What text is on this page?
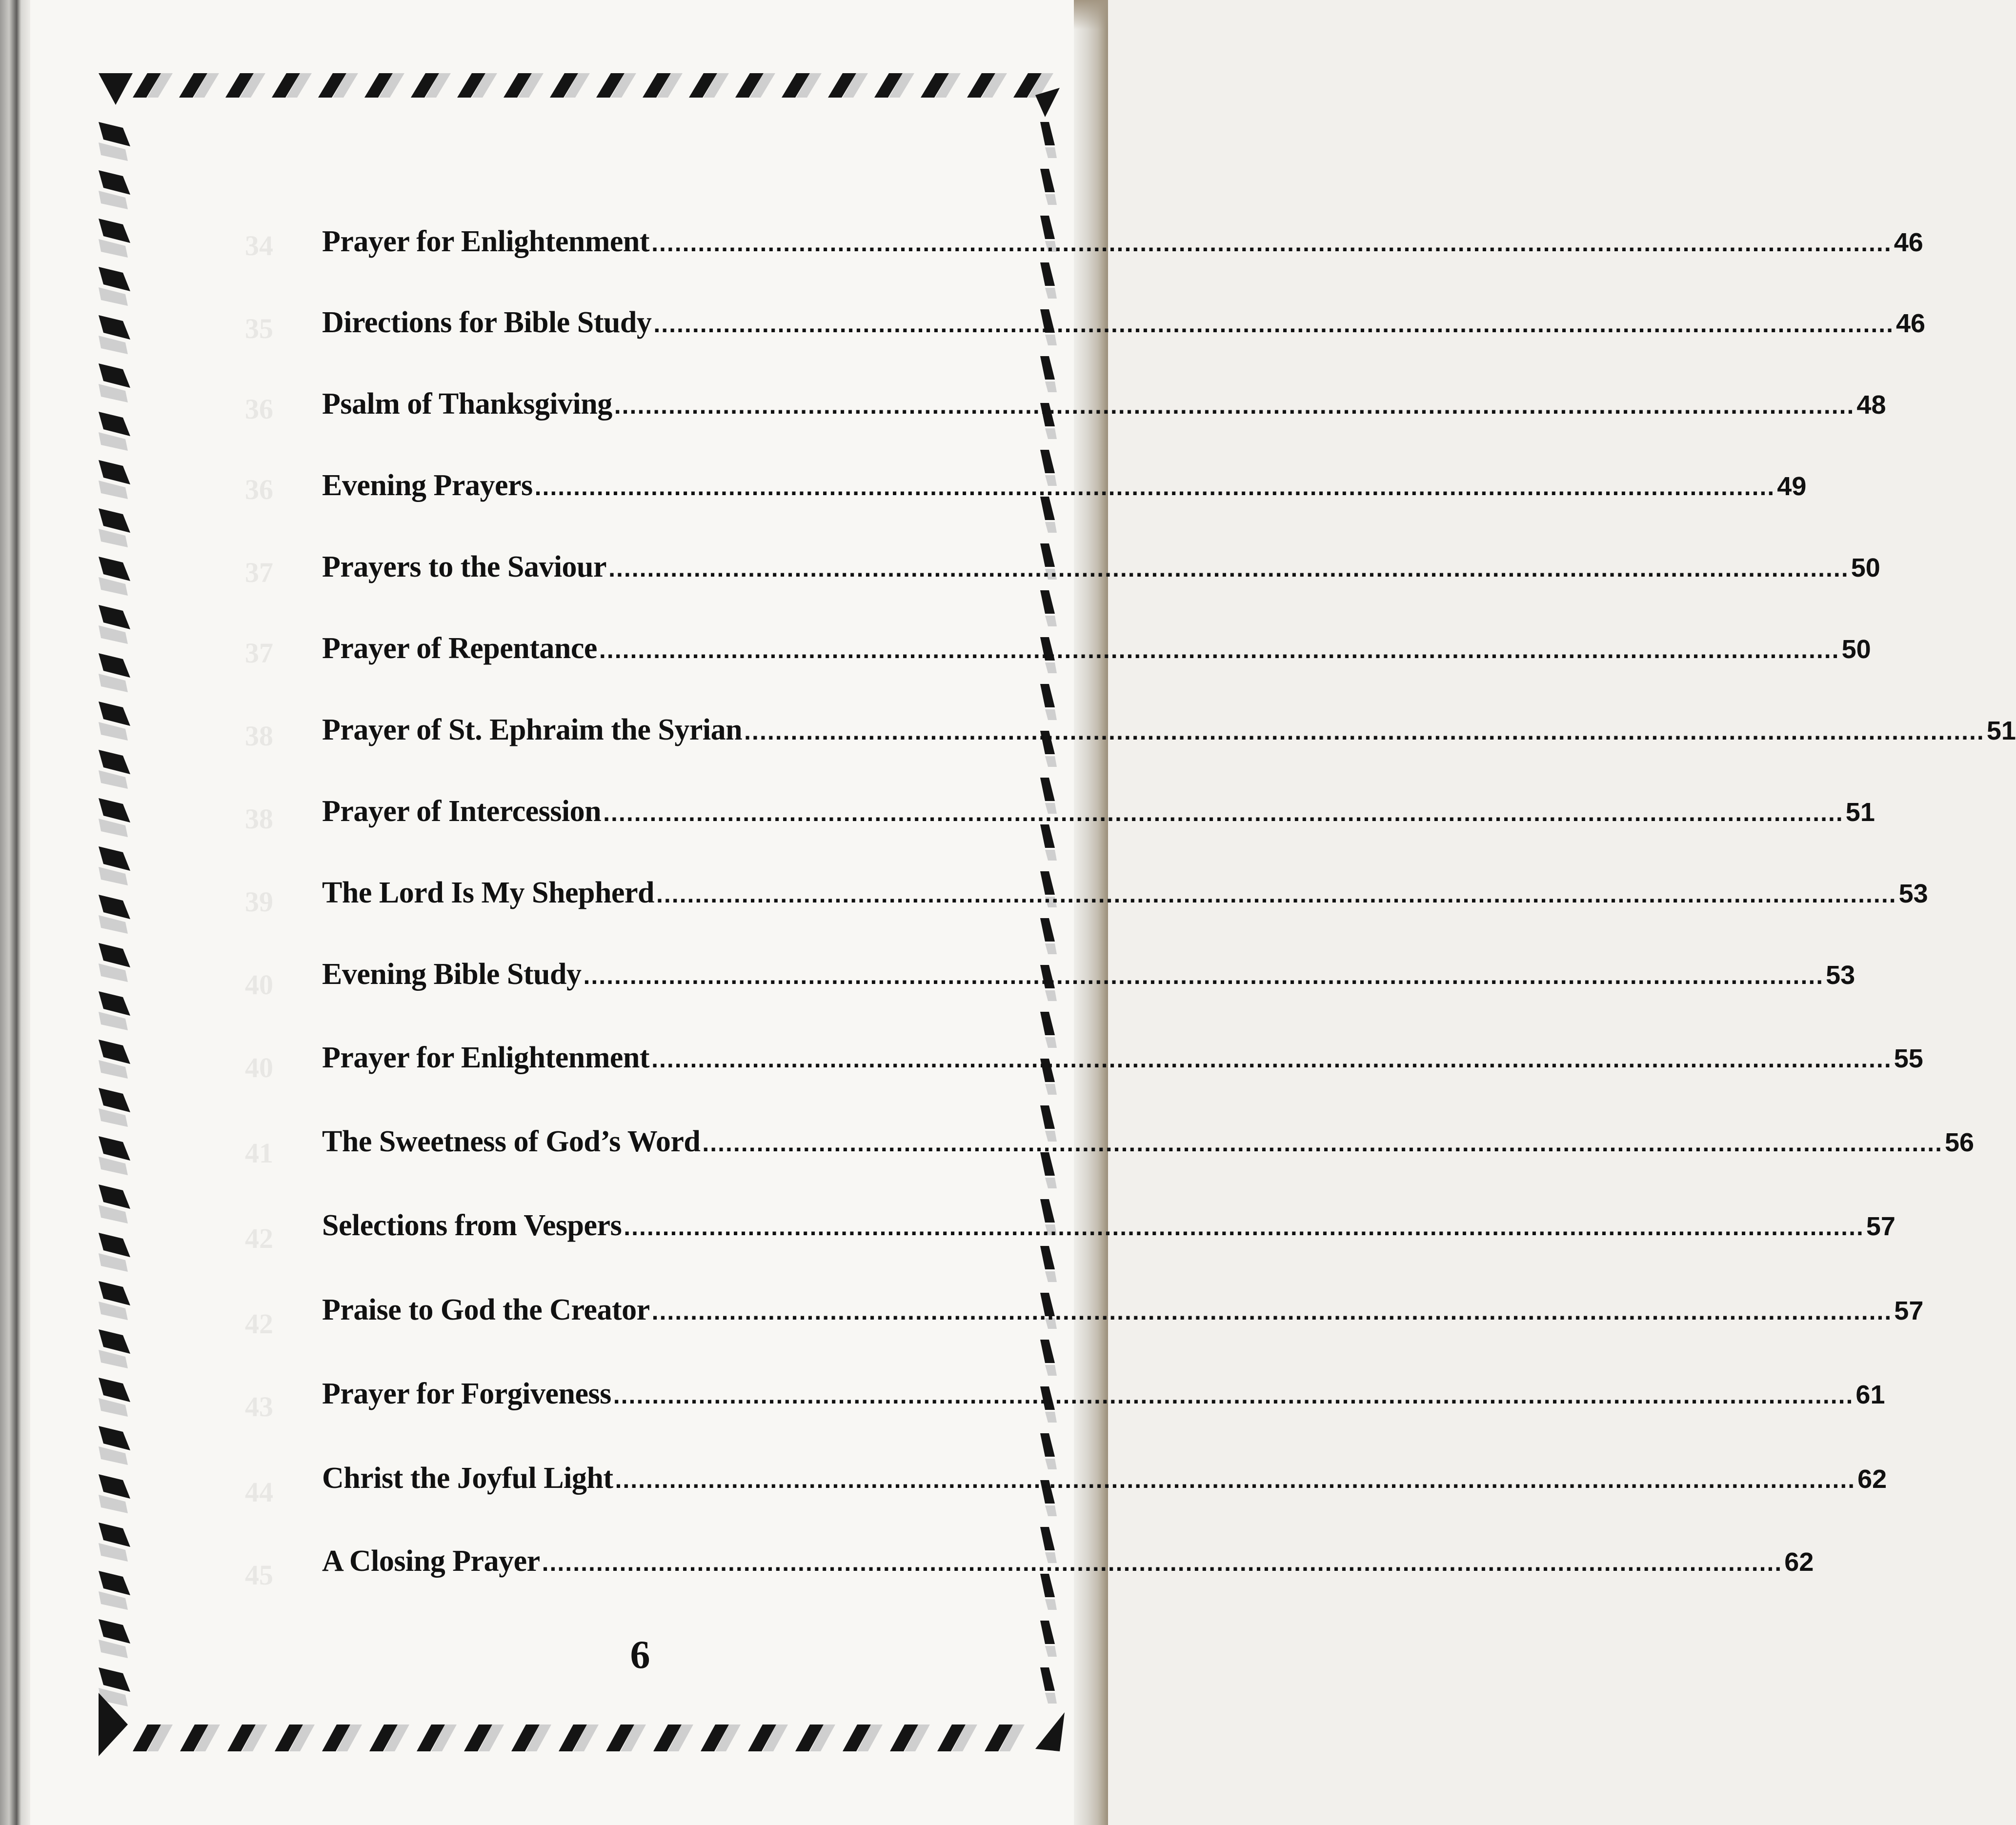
34
35
36
36
37
37
38
38
39
40
40
41
42
42
43
44
45
Prayer for Enlightenment ................................................................................................................................................................ 46
Directions for Bible Study ................................................................................................................................................................ 46
Psalm of Thanksgiving ................................................................................................................................................................ 48
Evening Prayers ................................................................................................................................................................ 49
Prayers to the Saviour ................................................................................................................................................................ 50
Prayer of Repentance ................................................................................................................................................................ 50
Prayer of St. Ephraim the Syrian ................................................................................................................................................................ 51
Prayer of Intercession ................................................................................................................................................................ 51
The Lord Is My Shepherd ................................................................................................................................................................ 53
Evening Bible Study ................................................................................................................................................................ 53
Prayer for Enlightenment ................................................................................................................................................................ 55
The Sweetness of God’s Word ................................................................................................................................................................ 56
Selections from Vespers ................................................................................................................................................................ 57
Praise to God the Creator ................................................................................................................................................................ 57
Prayer for Forgiveness ................................................................................................................................................................ 61
Christ the Joyful Light ................................................................................................................................................................ 62
A Closing Prayer ................................................................................................................................................................ 62
6
